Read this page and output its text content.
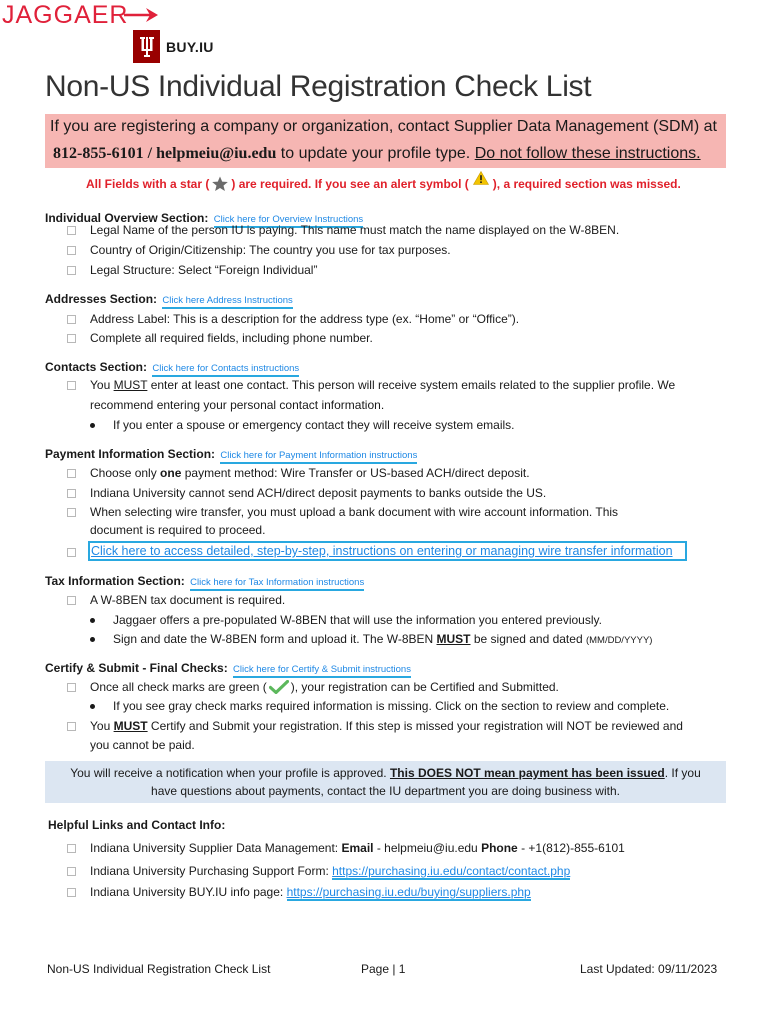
JAGGAER
BUY.IU
Non-US Individual Registration Check List
If you are registering a company or organization, contact Supplier Data Management (SDM) at
812-855-6101 / helpmeiu@iu.edu to update your profile type. Do not follow these instructions.
All Fields with a star ( ) are required. If you see an alert symbol ( ), a required section was missed.
Individual Overview Section: Click here for Overview Instructions
Legal Name of the person IU is paying. This name must match the name displayed on the W-8BEN.
Country of Origin/Citizenship: The country you use for tax purposes.
Legal Structure: Select “Foreign Individual”
Addresses Section: Click here Address Instructions
Address Label: This is a description for the address type (ex. “Home” or “Office”).
Complete all required fields, including phone number.
Contacts Section: Click here for Contacts instructions
You MUST enter at least one contact. This person will receive system emails related to the supplier profile. We
recommend entering your personal contact information.
If you enter a spouse or emergency contact they will receive system emails.
Payment Information Section: Click here for Payment Information instructions
Choose only one payment method: Wire Transfer or US-based ACH/direct deposit.
Indiana University cannot send ACH/direct deposit payments to banks outside the US.
When selecting wire transfer, you must upload a bank document with wire account information. This
document is required to proceed.
Click here to access detailed, step-by-step, instructions on entering or managing wire transfer information
Tax Information Section: Click here for Tax Information instructions
A W-8BEN tax document is required.
Jaggaer offers a pre-populated W-8BEN that will use the information you entered previously.
Sign and date the W-8BEN form and upload it. The W-8BEN MUST be signed and dated (MM/DD/YYYY)
Certify & Submit - Final Checks: Click here for Certify & Submit instructions
Once all check marks are green ( ), your registration can be Certified and Submitted.
If you see gray check marks required information is missing. Click on the section to review and complete.
You MUST Certify and Submit your registration. If this step is missed your registration will NOT be reviewed and
you cannot be paid.
You will receive a notification when your profile is approved. This DOES NOT mean payment has been issued. If you
have questions about payments, contact the IU department you are doing business with.
Helpful Links and Contact Info:
Indiana University Supplier Data Management: Email - helpmeiu@iu.edu Phone - +1(812)-855-6101
Indiana University Purchasing Support Form: https://purchasing.iu.edu/contact/contact.php
Indiana University BUY.IU info page: https://purchasing.iu.edu/buying/suppliers.php
Non-US Individual Registration Check List	Page | 1	Last Updated: 09/11/2023
